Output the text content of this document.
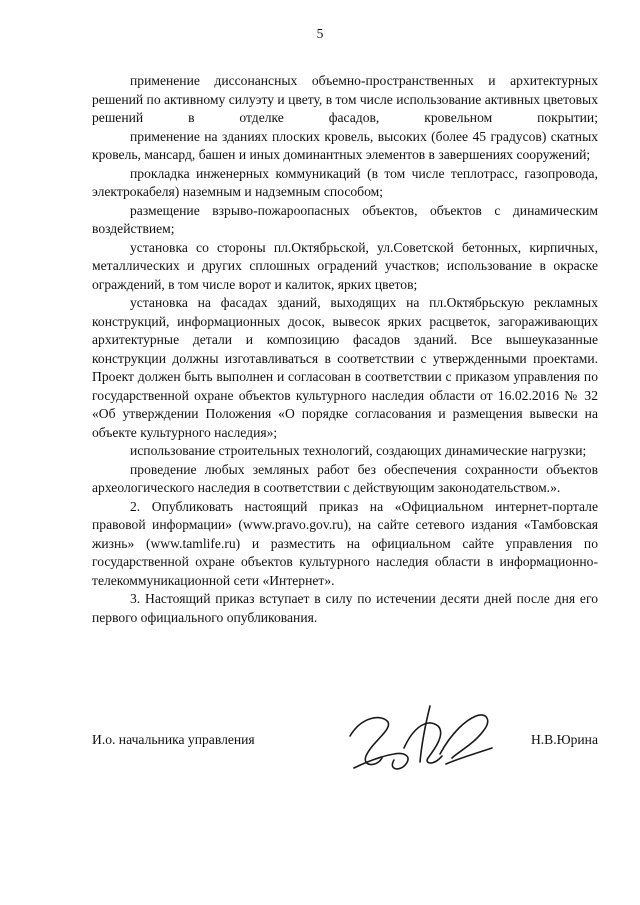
5

применение диссонансных объемно-пространственных и архитектурных решений по активному силуэту и цвету, в том числе использование активных цветовых решений в отделке фасадов, кровельном покрытии;

применение на зданиях плоских кровель, высоких (более 45 градусов) скатных кровель, мансард, башен и иных доминантных элементов в завершениях сооружений;

прокладка инженерных коммуникаций (в том числе теплотрасс, газопровода, электрокабеля) наземным и надземным способом;

размещение взрыво-пожароопасных объектов, объектов с динамическим воздействием;

установка со стороны пл.Октябрьской, ул.Советской бетонных, кирпичных, металлических и других сплошных оградений участков; использование в окраске ограждений, в том числе ворот и калиток, ярких цветов;

установка на фасадах зданий, выходящих на пл.Октябрьскую рекламных конструкций, информационных досок, вывесок ярких расцветок, загораживающих архитектурные детали и композицию фасадов зданий. Все вышеуказанные конструкции должны изготавливаться в соответствии с утвержденными проектами. Проект должен быть выполнен и согласован в соответствии с приказом управления по государственной охране объектов культурного наследия области от 16.02.2016 № 32 «Об утверждении Положения «О порядке согласования и размещения вывески на объекте культурного наследия»;

использование строительных технологий, создающих динамические нагрузки;

проведение любых земляных работ без обеспечения сохранности объектов археологического наследия в соответствии с действующим законодательством.».

2. Опубликовать настоящий приказ на «Официальном интернет-портале правовой информации» (www.pravo.gov.ru), на сайте сетевого издания «Тамбовская жизнь» (www.tamlife.ru) и разместить на официальном сайте управления по государственной охране объектов культурного наследия области в информационно-телекоммуникационной сети «Интернет».

3. Настоящий приказ вступает в силу по истечении десяти дней после дня его первого официального опубликования.

И.о. начальника управления	Н.В.Юрина
